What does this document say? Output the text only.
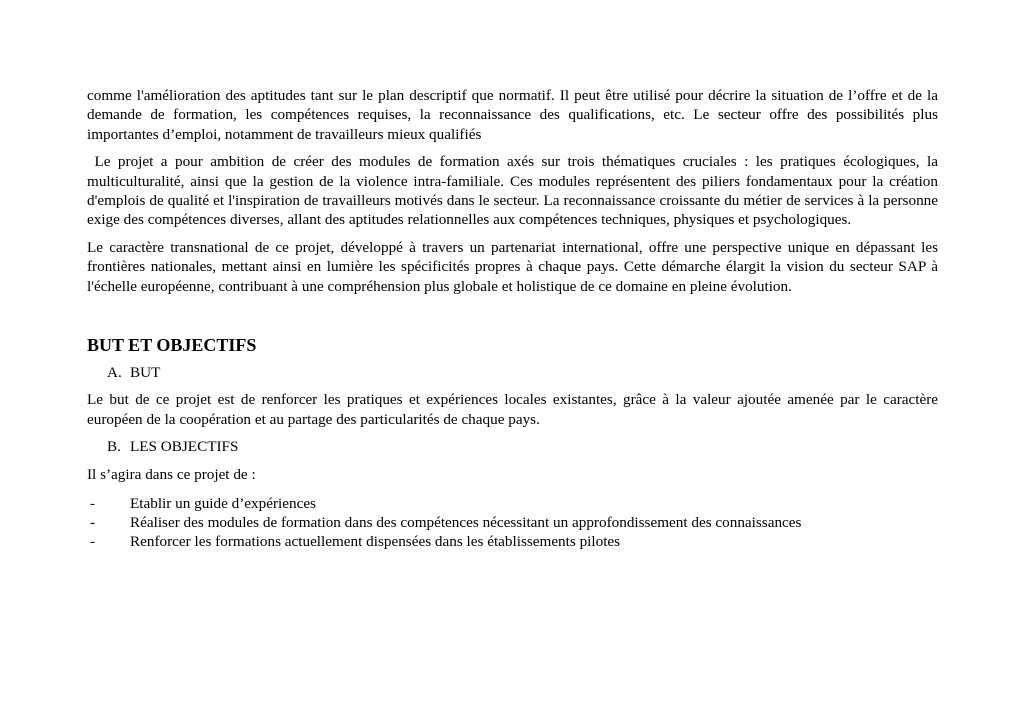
comme l'amélioration des aptitudes tant sur le plan descriptif que normatif. Il peut être utilisé pour décrire la situation de l’offre et de la demande de formation, les compétences requises, la reconnaissance des qualifications, etc. Le secteur offre des possibilités plus importantes d’emploi, notamment de travailleurs mieux qualifiés

Le projet a pour ambition de créer des modules de formation axés sur trois thématiques cruciales : les pratiques écologiques, la multiculturalité, ainsi que la gestion de la violence intra-familiale. Ces modules représentent des piliers fondamentaux pour la création d'emplois de qualité et l'inspiration de travailleurs motivés dans le secteur. La reconnaissance croissante du métier de services à la personne exige des compétences diverses, allant des aptitudes relationnelles aux compétences techniques, physiques et psychologiques.

Le caractère transnational de ce projet, développé à travers un partenariat international, offre une perspective unique en dépassant les frontières nationales, mettant ainsi en lumière les spécificités propres à chaque pays. Cette démarche élargit la vision du secteur SAP à l'échelle européenne, contribuant à une compréhension plus globale et holistique de ce domaine en pleine évolution.

BUT ET OBJECTIFS
A. BUT

Le but de ce projet est de renforcer les pratiques et expériences locales existantes, grâce à la valeur ajoutée amenée par le caractère européen de la coopération et au partage des particularités de chaque pays.

B. LES OBJECTIFS

Il s’agira dans ce projet de :

-	Etablir un guide d’expériences
-	Réaliser des modules de formation dans des compétences nécessitant un approfondissement des connaissances
-	Renforcer les formations actuellement dispensées dans les établissements pilotes
